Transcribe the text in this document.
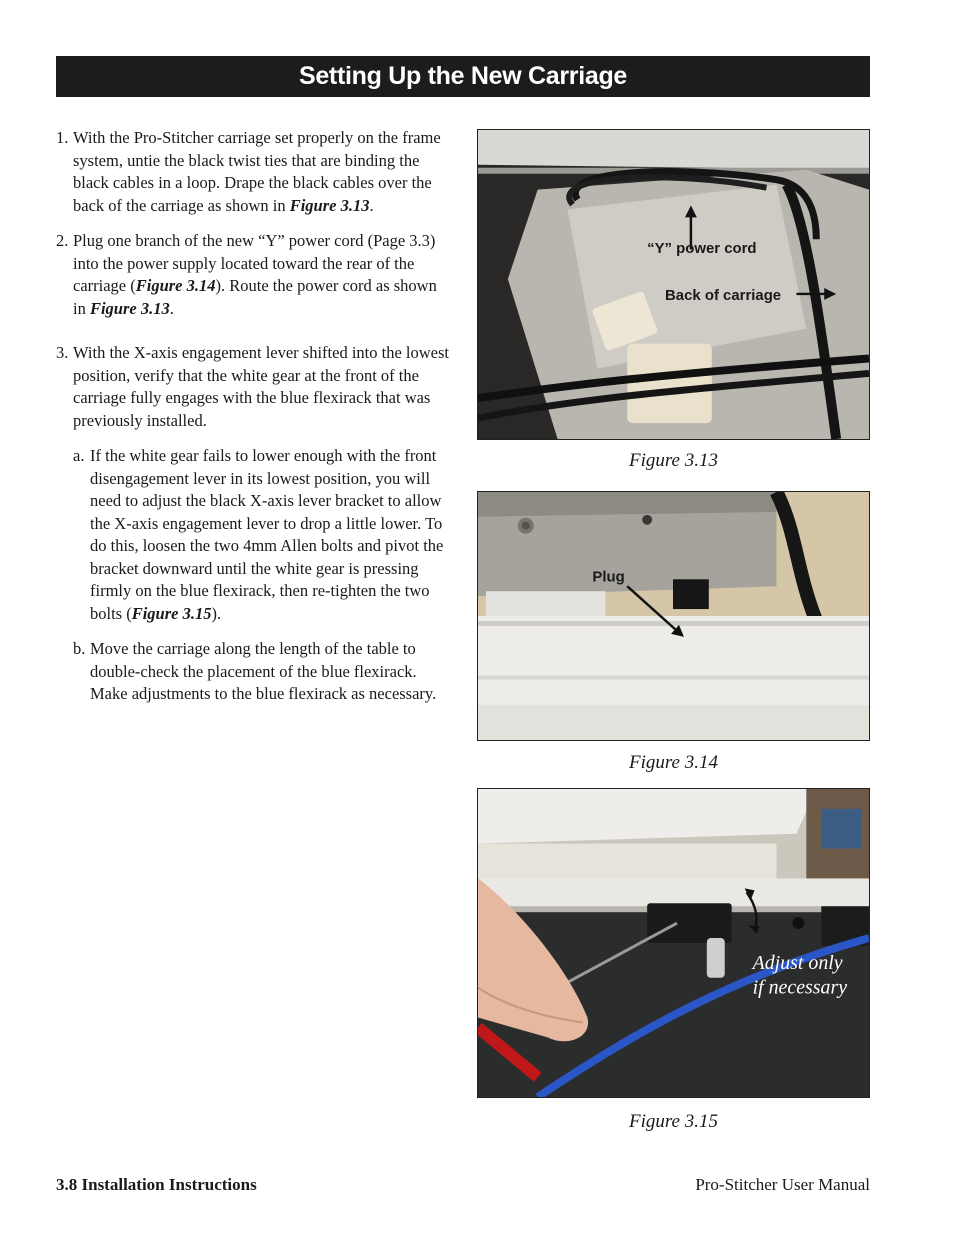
Setting Up the New Carriage

1. With the Pro-Stitcher carriage set properly on the frame system, untie the black twist ties that are binding the black cables in a loop. Drape the black cables over the back of the carriage as shown in Figure 3.13.

2. Plug one branch of the new “Y” power cord (Page 3.3) into the power supply located toward the rear of the carriage (Figure 3.14). Route the power cord as shown in Figure 3.13.

3. With the X-axis engagement lever shifted into the lowest position, verify that the white gear at the front of the carriage fully engages with the blue flexirack that was previously installed.

a. If the white gear fails to lower enough with the front disengagement lever in its lowest position, you will need to adjust the black X-axis lever bracket to allow the X-axis engagement lever to drop a little lower. To do this, loosen the two 4mm Allen bolts and pivot the bracket downward until the white gear is pressing firmly on the blue flexirack, then re-tighten the two bolts (Figure 3.15).

b. Move the carriage along the length of the table to double-check the placement of the blue flexirack. Make adjustments to the blue flexirack as necessary.

“Y” power cord
Back of carriage
Figure 3.13
Plug
Figure 3.14
Adjust only
if necessary
Figure 3.15
3.8 Installation Instructions	Pro-Stitcher User Manual
